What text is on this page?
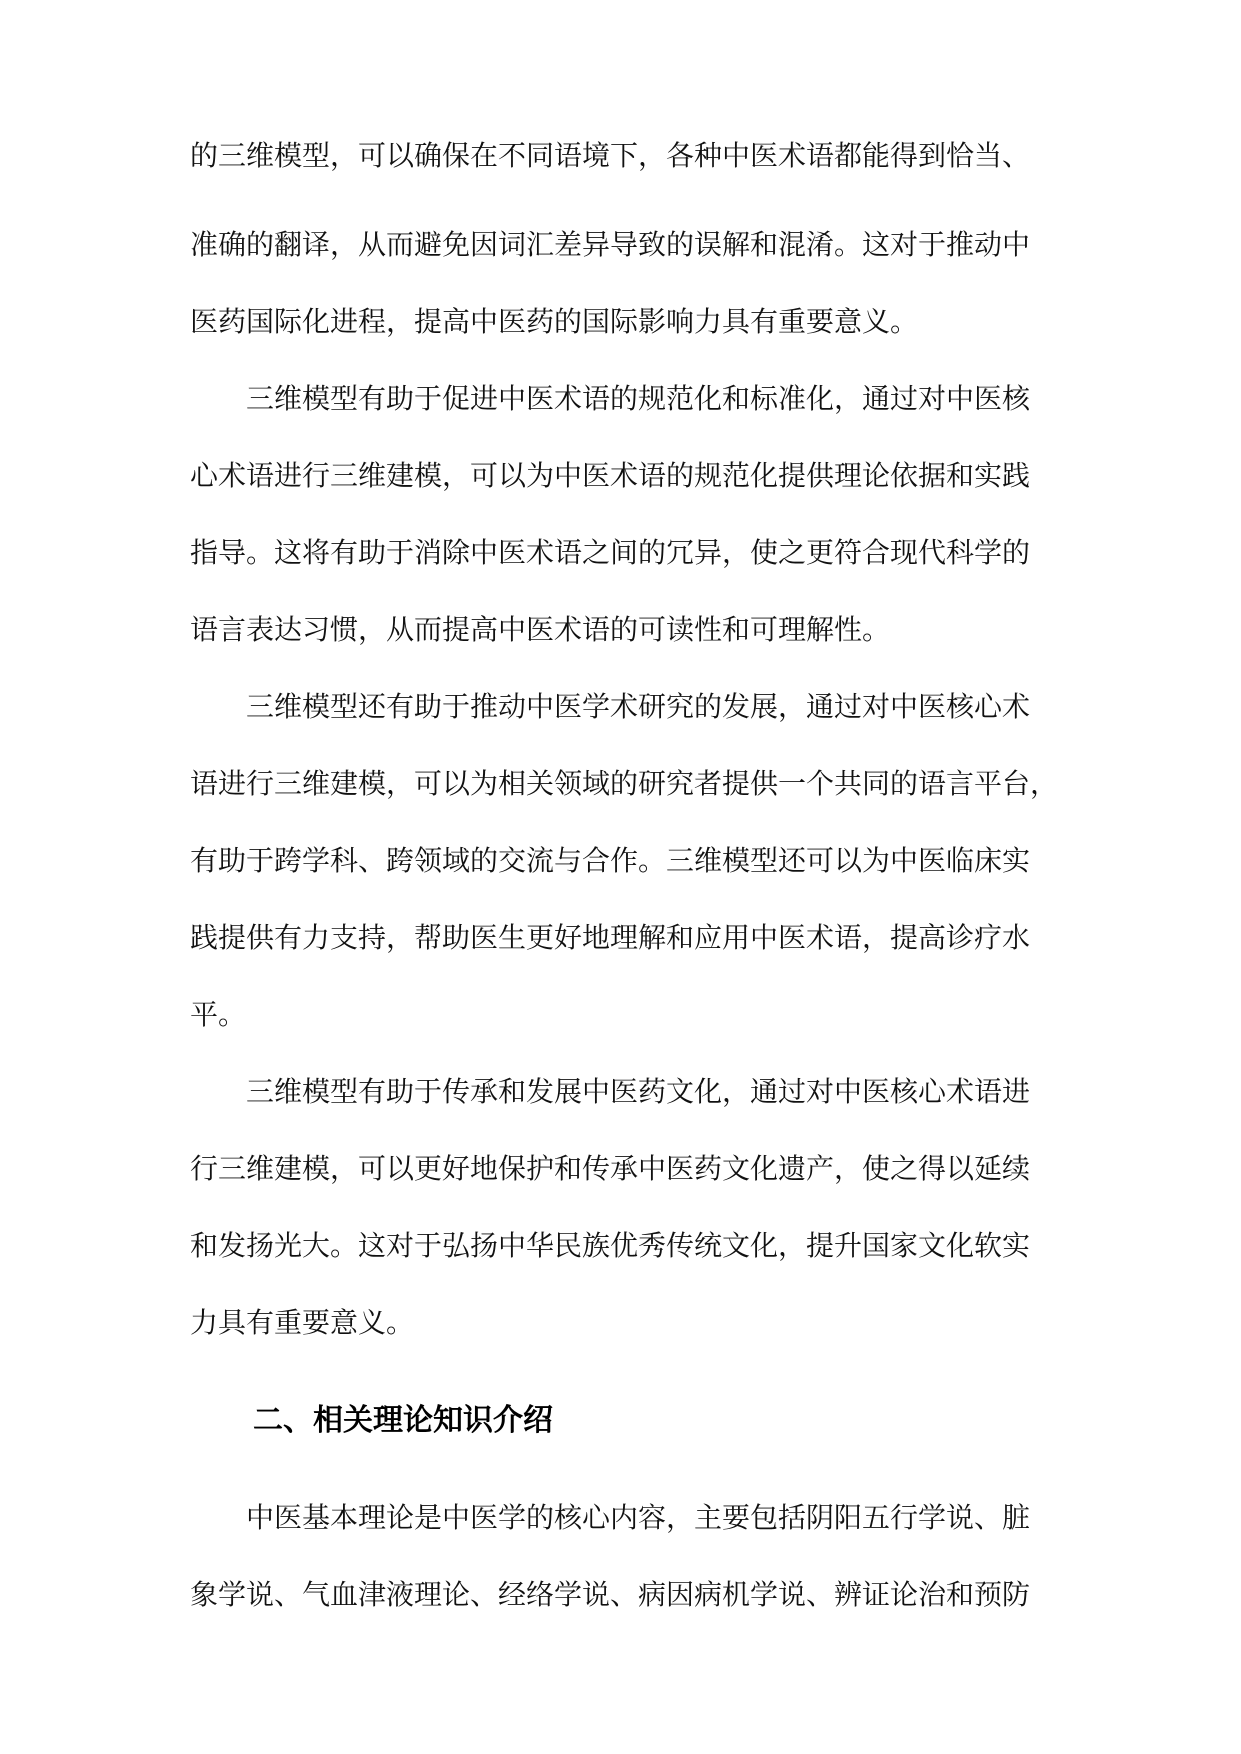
的三维模型，可以确保在不同语境下，各种中医术语都能得到恰当、
准确的翻译，从而避免因词汇差异导致的误解和混淆。这对于推动中
医药国际化进程，提高中医药的国际影响力具有重要意义。
三维模型有助于促进中医术语的规范化和标准化，通过对中医核
心术语进行三维建模，可以为中医术语的规范化提供理论依据和实践
指导。这将有助于消除中医术语之间的冗异，使之更符合现代科学的
语言表达习惯，从而提高中医术语的可读性和可理解性。
三维模型还有助于推动中医学术研究的发展，通过对中医核心术
语进行三维建模，可以为相关领域的研究者提供一个共同的语言平台，
有助于跨学科、跨领域的交流与合作。三维模型还可以为中医临床实
践提供有力支持，帮助医生更好地理解和应用中医术语，提高诊疗水
平。
三维模型有助于传承和发展中医药文化，通过对中医核心术语进
行三维建模，可以更好地保护和传承中医药文化遗产，使之得以延续
和发扬光大。这对于弘扬中华民族优秀传统文化，提升国家文化软实
力具有重要意义。
二、相关理论知识介绍
中医基本理论是中医学的核心内容，主要包括阴阳五行学说、脏
象学说、气血津液理论、经络学说、病因病机学说、辨证论治和预防
